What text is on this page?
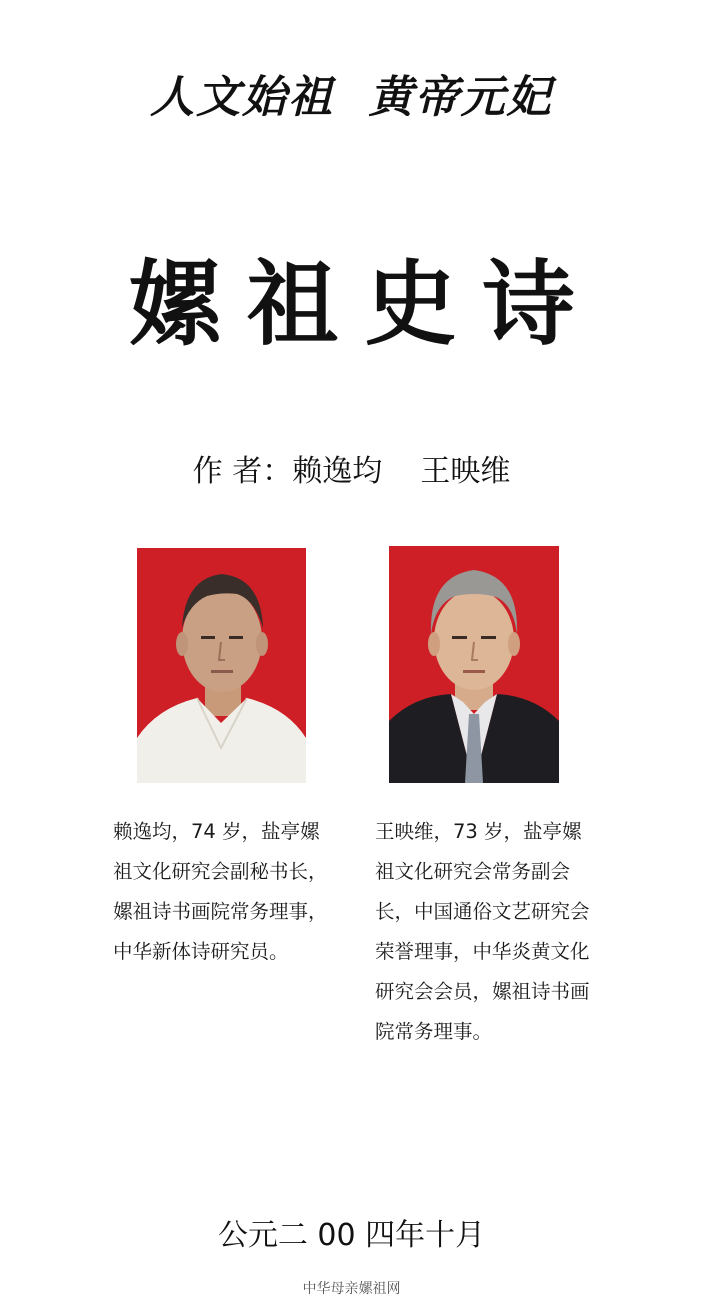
人文始祖  黄帝元妃
嫘祖史诗
作 者：赖逸均    王映维
赖逸均，74 岁，盐亭嫘
祖文化研究会副秘书长，
嫘祖诗书画院常务理事，
中华新体诗研究员。
王映维，73 岁，盐亭嫘
祖文化研究会常务副会
长，中国通俗文艺研究会
荣誉理事，中华炎黄文化
研究会会员，嫘祖诗书画
院常务理事。
公元二 00 四年十月
中华母亲嫘祖网
